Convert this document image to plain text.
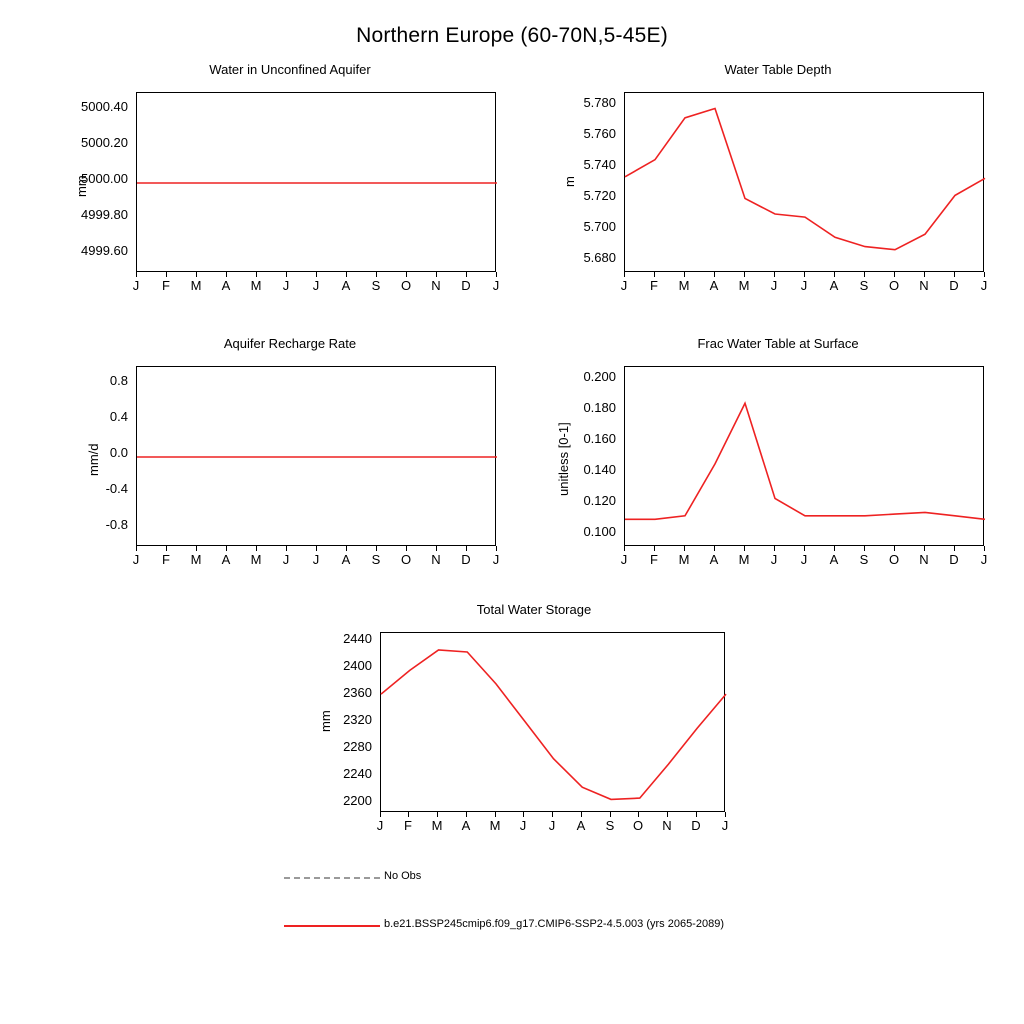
Northern Europe (60-70N,5-45E)
Water in Unconfined Aquifer
mm
5000.40
5000.20
5000.00
4999.80
4999.60
J	F	M	A	M	J	J	A	S	O	N	D	J
Water Table Depth
m
5.780
5.760
5.740
5.720
5.700
5.680
J	F	M	A	M	J	J	A	S	O	N	D	J
Aquifer Recharge Rate
mm/d
0.8
0.4
0.0
-0.4
-0.8
J	F	M	A	M	J	J	A	S	O	N	D	J
Frac Water Table at Surface
unitless [0-1]
0.200
0.180
0.160
0.140
0.120
0.100
J	F	M	A	M	J	J	A	S	O	N	D	J
Total Water Storage
mm
2440
2400
2360
2320
2280
2240
2200
J	F	M	A	M	J	J	A	S	O	N	D	J
No Obs
b.e21.BSSP245cmip6.f09_g17.CMIP6-SSP2-4.5.003 (yrs 2065-2089)
